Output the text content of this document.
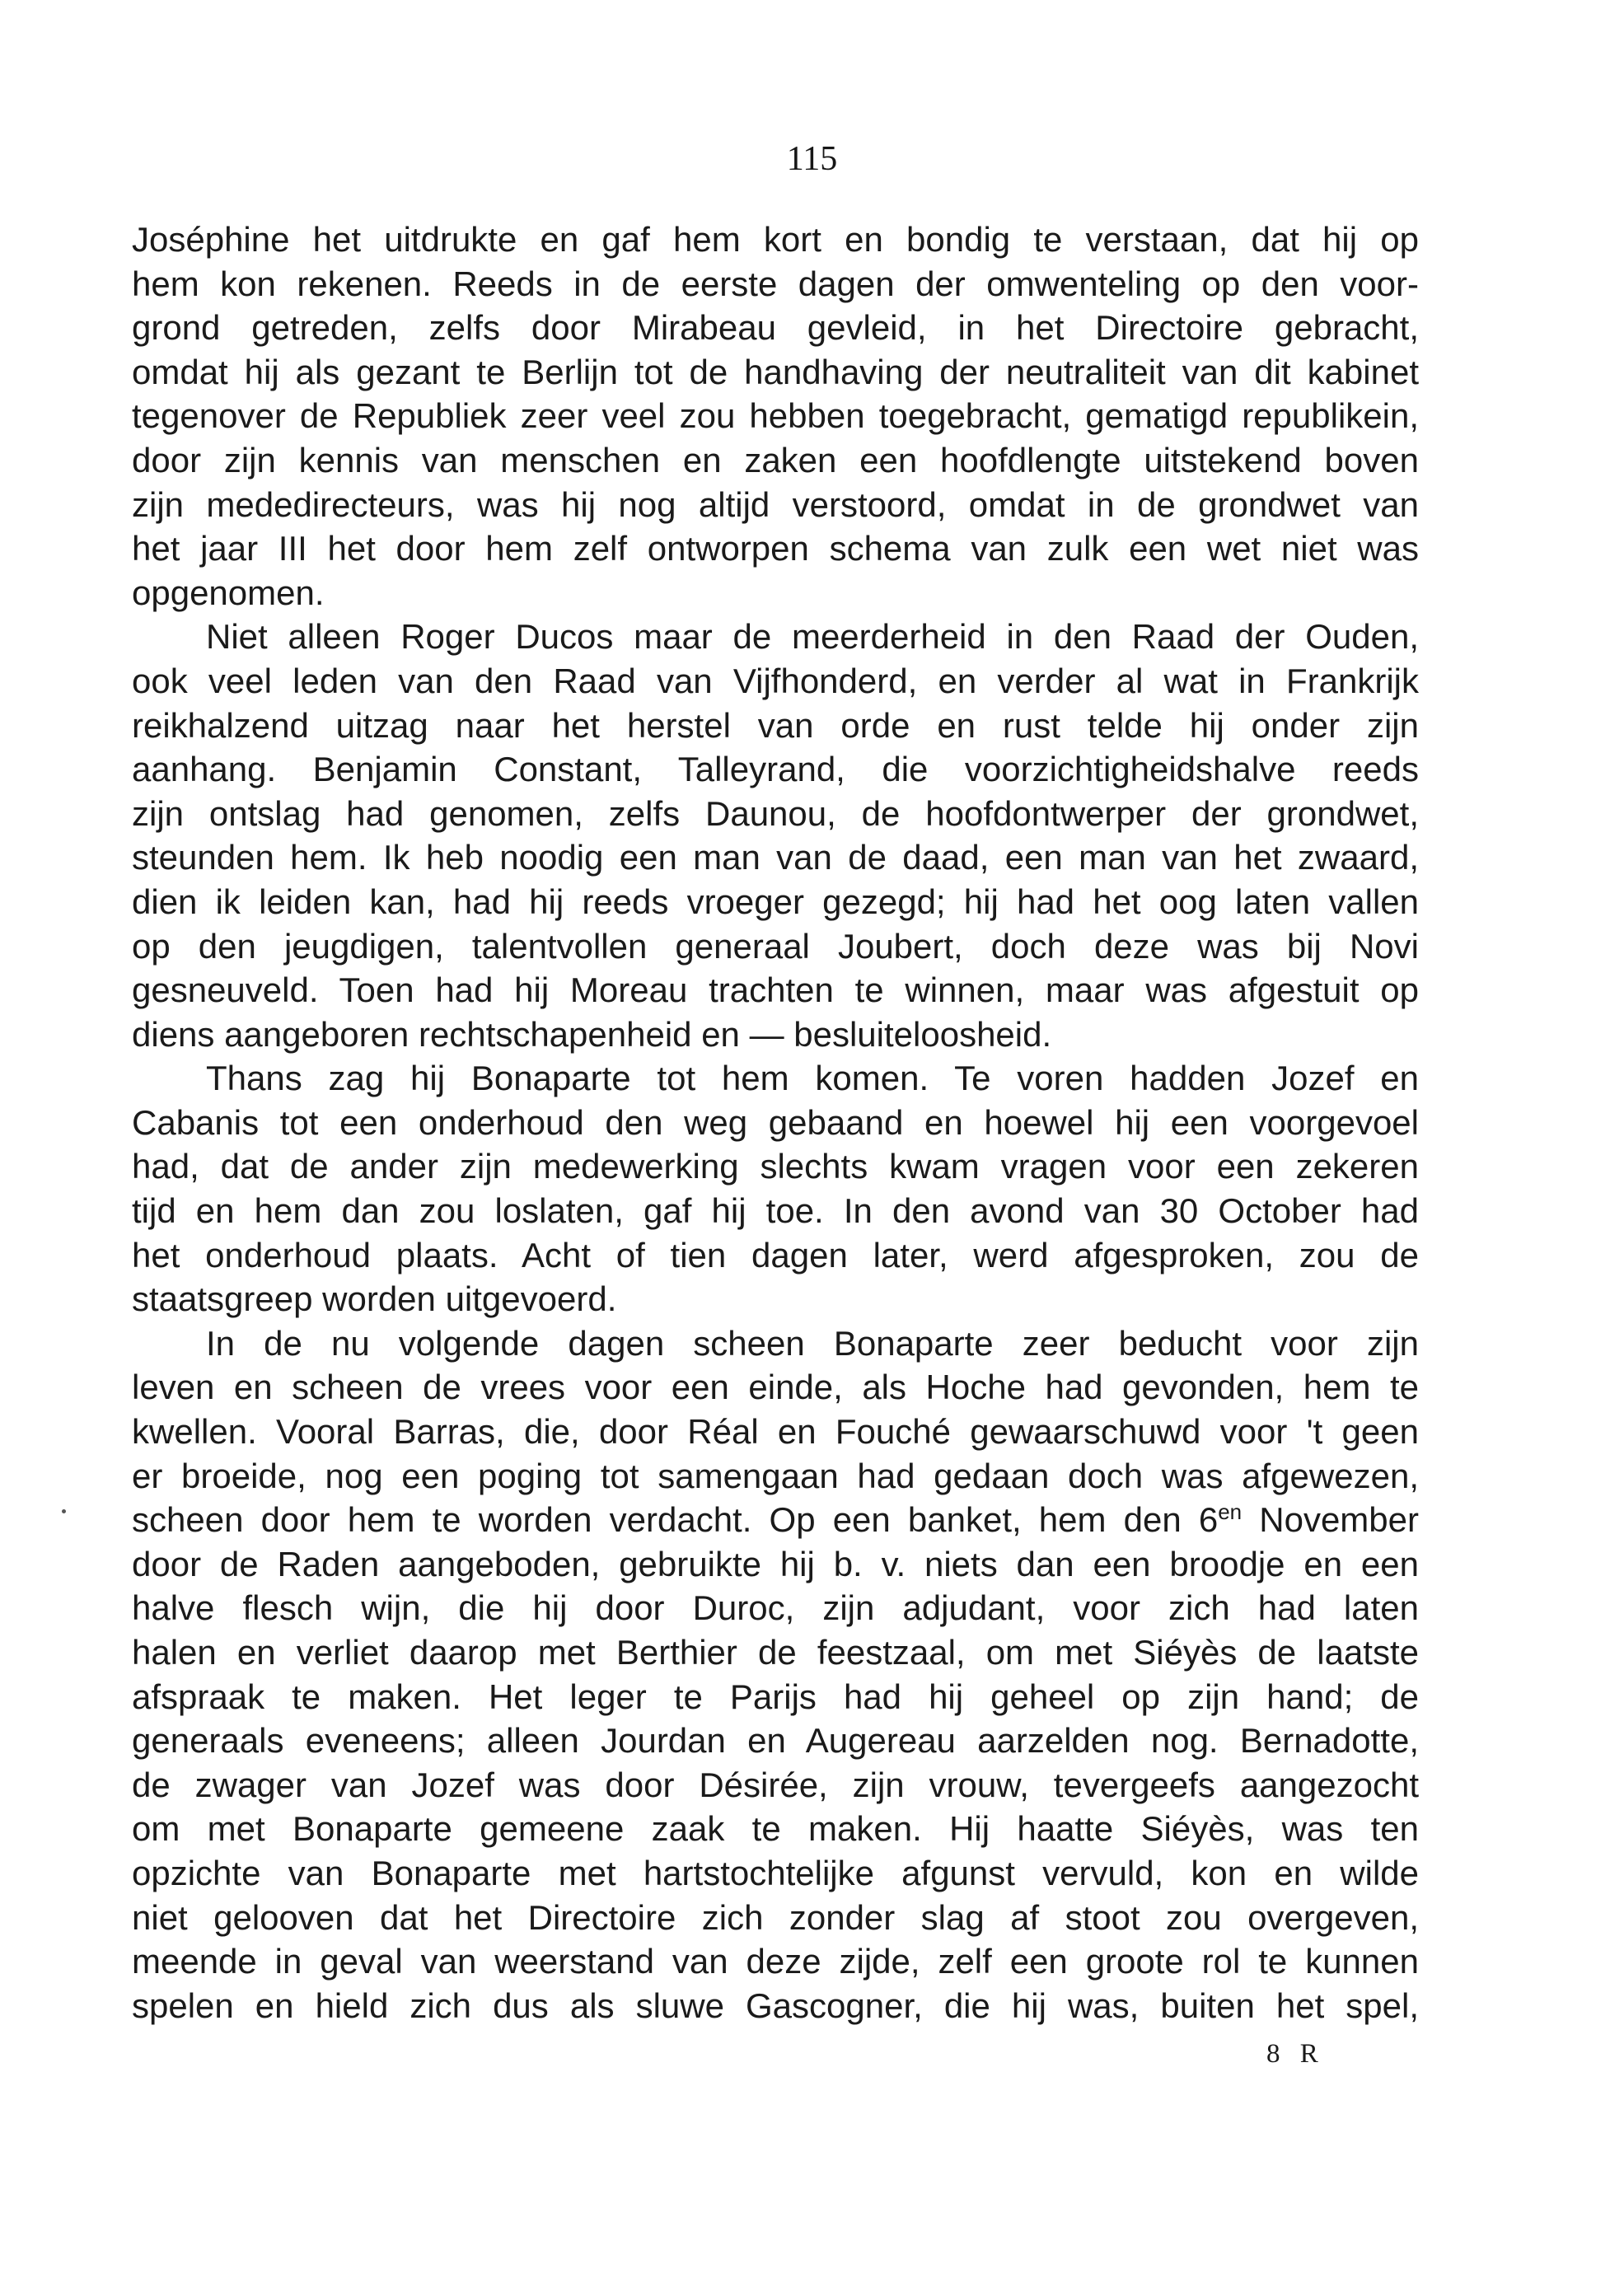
115
Joséphine het uitdrukte en gaf hem kort en bondig te verstaan, dat hij op
hem kon rekenen. Reeds in de eerste dagen der omwenteling op den voor-
grond getreden, zelfs door Mirabeau gevleid, in het Directoire gebracht,
omdat hij als gezant te Berlijn tot de handhaving der neutraliteit van dit kabinet
tegenover de Republiek zeer veel zou hebben toegebracht, gematigd republikein,
door zijn kennis van menschen en zaken een hoofdlengte uitstekend boven
zijn mededirecteurs, was hij nog altijd verstoord, omdat in de grondwet van
het jaar III het door hem zelf ontworpen schema van zulk een wet niet was
opgenomen.
Niet alleen Roger Ducos maar de meerderheid in den Raad der Ouden,
ook veel leden van den Raad van Vijfhonderd, en verder al wat in Frankrijk
reikhalzend uitzag naar het herstel van orde en rust telde hij onder zijn
aanhang. Benjamin Constant, Talleyrand, die voorzichtigheidshalve reeds
zijn ontslag had genomen, zelfs Daunou, de hoofdontwerper der grondwet,
steunden hem. Ik heb noodig een man van de daad, een man van het zwaard,
dien ik leiden kan, had hij reeds vroeger gezegd; hij had het oog laten vallen
op den jeugdigen, talentvollen generaal Joubert, doch deze was bij Novi
gesneuveld. Toen had hij Moreau trachten te winnen, maar was afgestuit op
diens aangeboren rechtschapenheid en — besluiteloosheid.
Thans zag hij Bonaparte tot hem komen. Te voren hadden Jozef en
Cabanis tot een onderhoud den weg gebaand en hoewel hij een voorgevoel
had, dat de ander zijn medewerking slechts kwam vragen voor een zekeren
tijd en hem dan zou loslaten, gaf hij toe. In den avond van 30 October had
het onderhoud plaats. Acht of tien dagen later, werd afgesproken, zou de
staatsgreep worden uitgevoerd.
In de nu volgende dagen scheen Bonaparte zeer beducht voor zijn
leven en scheen de vrees voor een einde, als Hoche had gevonden, hem te
kwellen. Vooral Barras, die, door Réal en Fouché gewaarschuwd voor 't geen
er broeide, nog een poging tot samengaan had gedaan doch was afgewezen,
scheen door hem te worden verdacht. Op een banket, hem den $6^{en}$ November
door de Raden aangeboden, gebruikte hij b. v. niets dan een broodje en een
halve flesch wijn, die hij door Duroc, zijn adjudant, voor zich had laten
halen en verliet daarop met Berthier de feestzaal, om met Siéyès de laatste
afspraak te maken. Het leger te Parijs had hij geheel op zijn hand; de
generaals eveneens; alleen Jourdan en Augereau aarzelden nog. Bernadotte,
de zwager van Jozef was door Désirée, zijn vrouw, tevergeefs aangezocht
om met Bonaparte gemeene zaak te maken. Hij haatte Siéyès, was ten
opzichte van Bonaparte met hartstochtelijke afgunst vervuld, kon en wilde
niet gelooven dat het Directoire zich zonder slag af stoot zou overgeven,
meende in geval van weerstand van deze zijde, zelf een groote rol te kunnen
spelen en hield zich dus als sluwe Gascogner, die hij was, buiten het spel,
8 R
